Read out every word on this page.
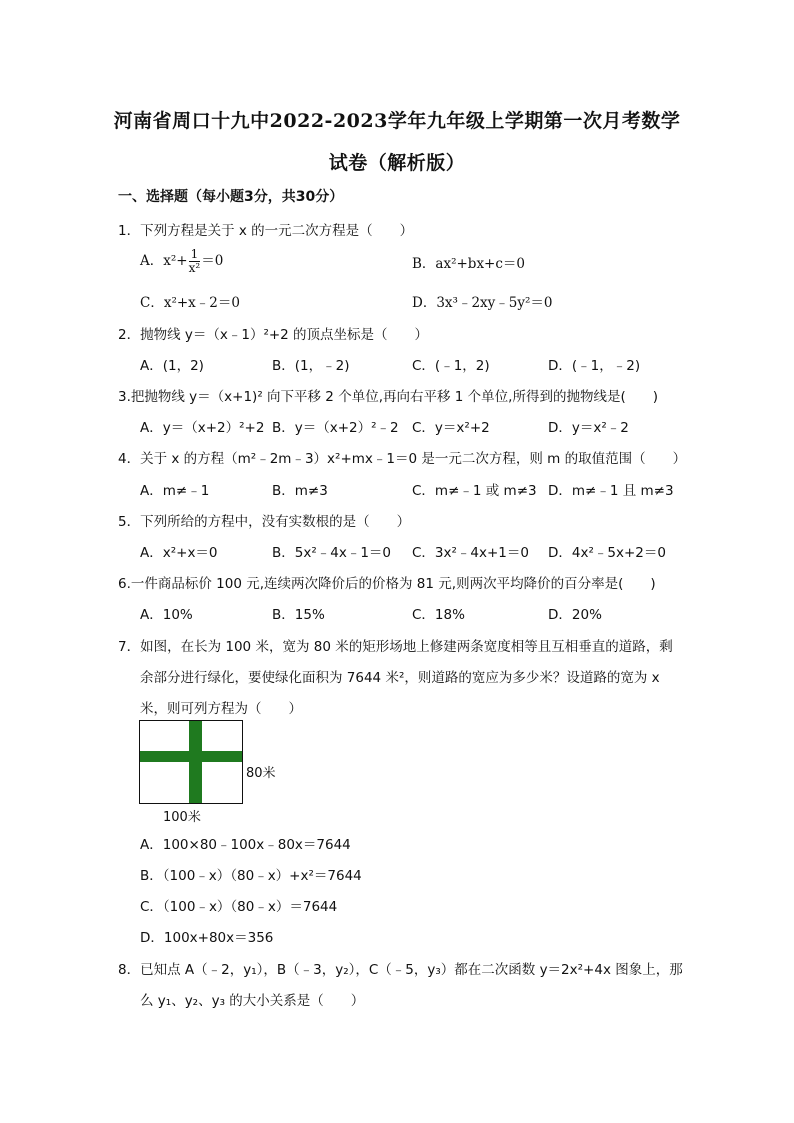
河南省周口十九中2022-2023学年九年级上学期第一次月考数学
试卷（解析版）
一、选择题（每小题3分，共30分）
1．下列方程是关于 x 的一元二次方程是（　　）
A．$x^2+ \frac{1}{\text{x²}} =0$	B．ax²+bx+c＝0
C．x²+x﹣2＝0	D．3x³﹣2xy﹣5y²＝0
2．抛物线 y＝（x﹣1）²+2 的顶点坐标是（　　）
A．(1，2)	B．(1，﹣2)	C．(﹣1，2)	D．(﹣1，﹣2)
3.把抛物线 y＝（x+1)² 向下平移 2 个单位,再向右平移 1 个单位,所得到的抛物线是(　　)
A．y＝（x+2）²+2 B．y＝（x+2）²﹣2 C．y＝x²+2	D．y＝x²﹣2
4．关于 x 的方程（m²﹣2m﹣3）x²+mx﹣1＝0 是一元二次方程，则 m 的取值范围（　　）
A．m≠﹣1	B．m≠3	C．m≠﹣1 或 m≠3 D．m≠﹣1 且 m≠3
5．下列所给的方程中，没有实数根的是（　　）
A．x²+x＝0	B．5x²﹣4x﹣1＝0 C．3x²﹣4x+1＝0 D．4x²﹣5x+2＝0
6.一件商品标价 100 元,连续两次降价后的价格为 81 元,则两次平均降价的百分率是(　　)
A．10%	B．15%	C．18%	D．20%
7．如图，在长为 100 米，宽为 80 米的矩形场地上修建两条宽度相等且互相垂直的道路，剩
余部分进行绿化，要使绿化面积为 7644 米²，则道路的宽应为多少米？设道路的宽为 x
米，则可列方程为（　　）
80米
100米
A．100×80﹣100x﹣80x＝7644
B．（100﹣x）（80﹣x）+x²＝7644
C．（100﹣x）（80﹣x）＝7644
D．100x+80x＝356
8．已知点 A（﹣2，y₁），B（﹣3，y₂），C（﹣5，y₃）都在二次函数 y＝2x²+4x 图象上，那
么 y₁、y₂、y₃ 的大小关系是（　　）
